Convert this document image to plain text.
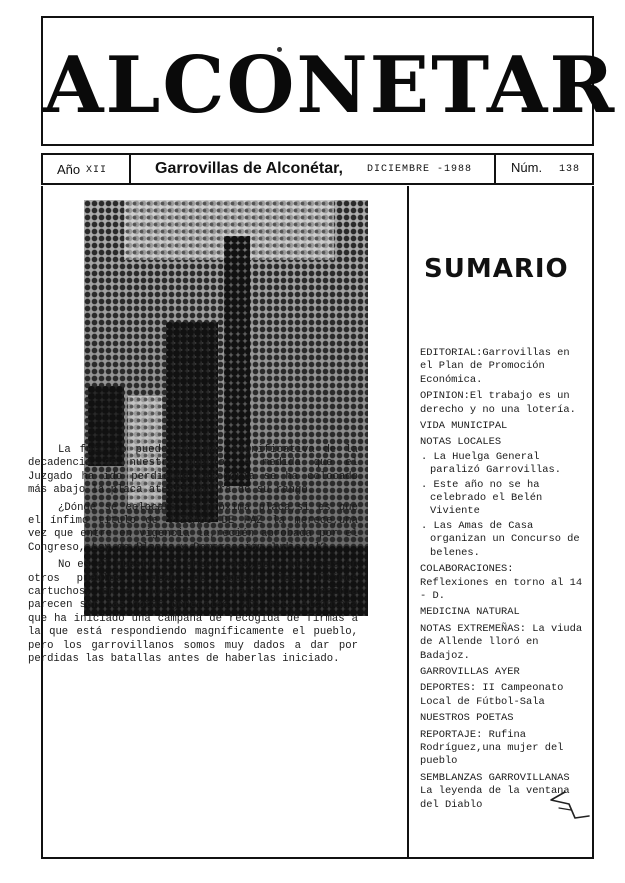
ALCONETAR
Año XII	Garrovillas de Alconétar, DICIEMBRE -1988	Núm. 138

La foto no puede ser más significativa de la decadencia de nuestro pueblo. A medida que el Juzgado ha ido perdiendo categoría se ha colocado más abajo la placa atestiguadora de su rango.

¿Dónde se colocará la próxima placa,si es que el ínfimo título de JUZGADO DE PAZ la merece,una vez que entre en vigencia la,recién aprobada por el Congreso, Ley de Planta y Demarcación Judicial?.

No es el nuestro el único caso,pero mientras en otros pueblos tratan de agotar los últimos cartuchos, en el nuestro la apatía y la desidia parecen ser las notas generales. Ahí está Alcántara que ha iniciado una campaña de recogida de firmas a la que está respondiendo magníficamente el pueblo, pero los garrovillanos somos muy dados a dar por perdidas las batallas antes de haberlas iniciado.

SUMARIO
EDITORIAL:Garrovillas en el Plan de Promoción Económica.
OPINION:El trabajo es un derecho y no una lotería.
VIDA MUNICIPAL
NOTAS LOCALES
. La Huelga General paralizó Garrovillas.
. Este año no se ha celebrado el Belén Viviente
. Las Amas de Casa organizan un Concurso de belenes.
COLABORACIONES: Reflexiones en torno al 14 - D.
MEDICINA NATURAL
NOTAS EXTREMEÑAS: La viuda de Allende lloró en Badajoz.
GARROVILLAS AYER
DEPORTES: II Campeonato Local de Fútbol-Sala
NUESTROS POETAS
REPORTAJE: Rufina Rodríguez,una mujer del pueblo
SEMBLANZAS GARROVILLANAS La leyenda de la ventana del Diablo
